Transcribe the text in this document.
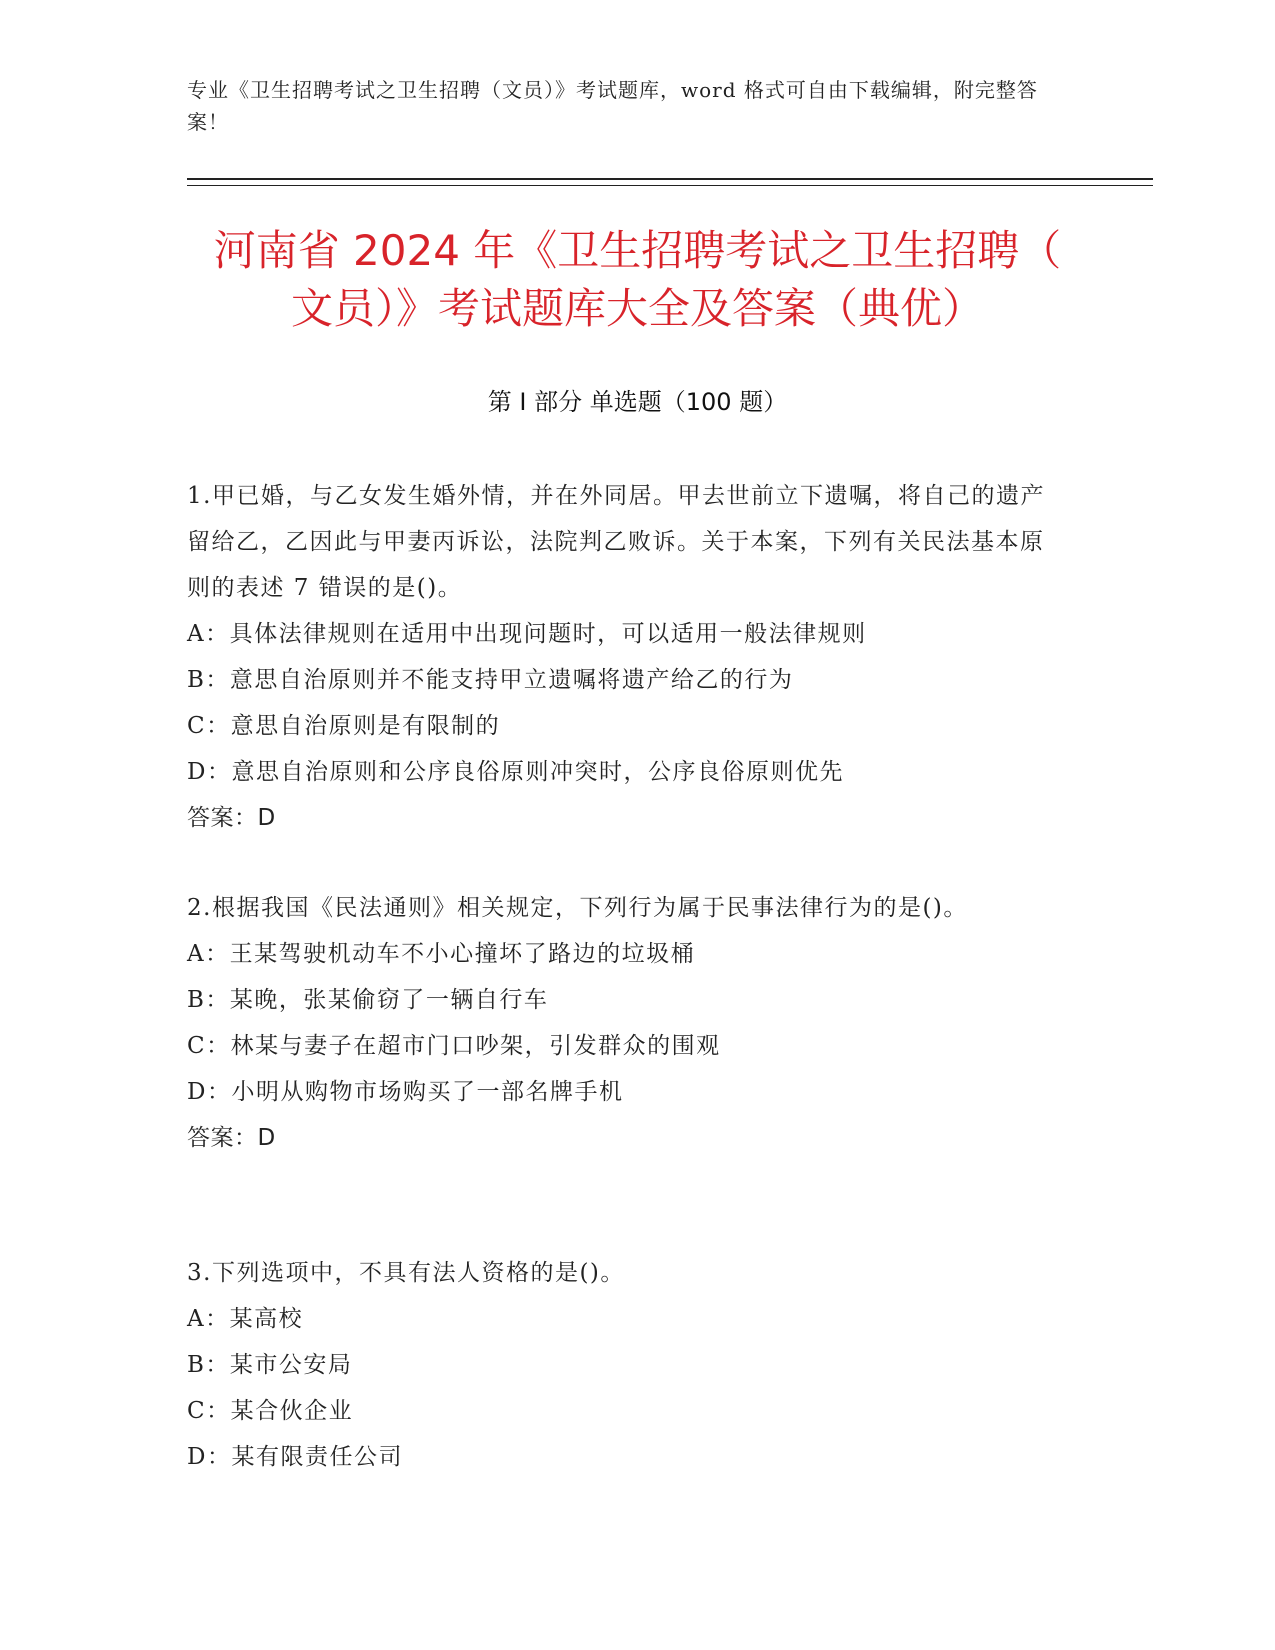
专业《卫生招聘考试之卫生招聘（文员）》考试题库，word 格式可自由下载编辑，附完整答案！
河南省 2024 年《卫生招聘考试之卫生招聘（
文员）》考试题库大全及答案（典优）
第 I 部分 单选题（100 题）
1.甲已婚，与乙女发生婚外情，并在外同居。甲去世前立下遗嘱，将自己的遗产留给乙，乙因此与甲妻丙诉讼，法院判乙败诉。关于本案，下列有关民法基本原则的表述 7 错误的是()。
A：具体法律规则在适用中出现问题时，可以适用一般法律规则
B：意思自治原则并不能支持甲立遗嘱将遗产给乙的行为
C：意思自治原则是有限制的
D：意思自治原则和公序良俗原则冲突时，公序良俗原则优先
答案：D
2.根据我国《民法通则》相关规定，下列行为属于民事法律行为的是()。
A：王某驾驶机动车不小心撞坏了路边的垃圾桶
B：某晚，张某偷窃了一辆自行车
C：林某与妻子在超市门口吵架，引发群众的围观
D：小明从购物市场购买了一部名牌手机
答案：D
3.下列选项中，不具有法人资格的是()。
A：某高校
B：某市公安局
C：某合伙企业
D：某有限责任公司
